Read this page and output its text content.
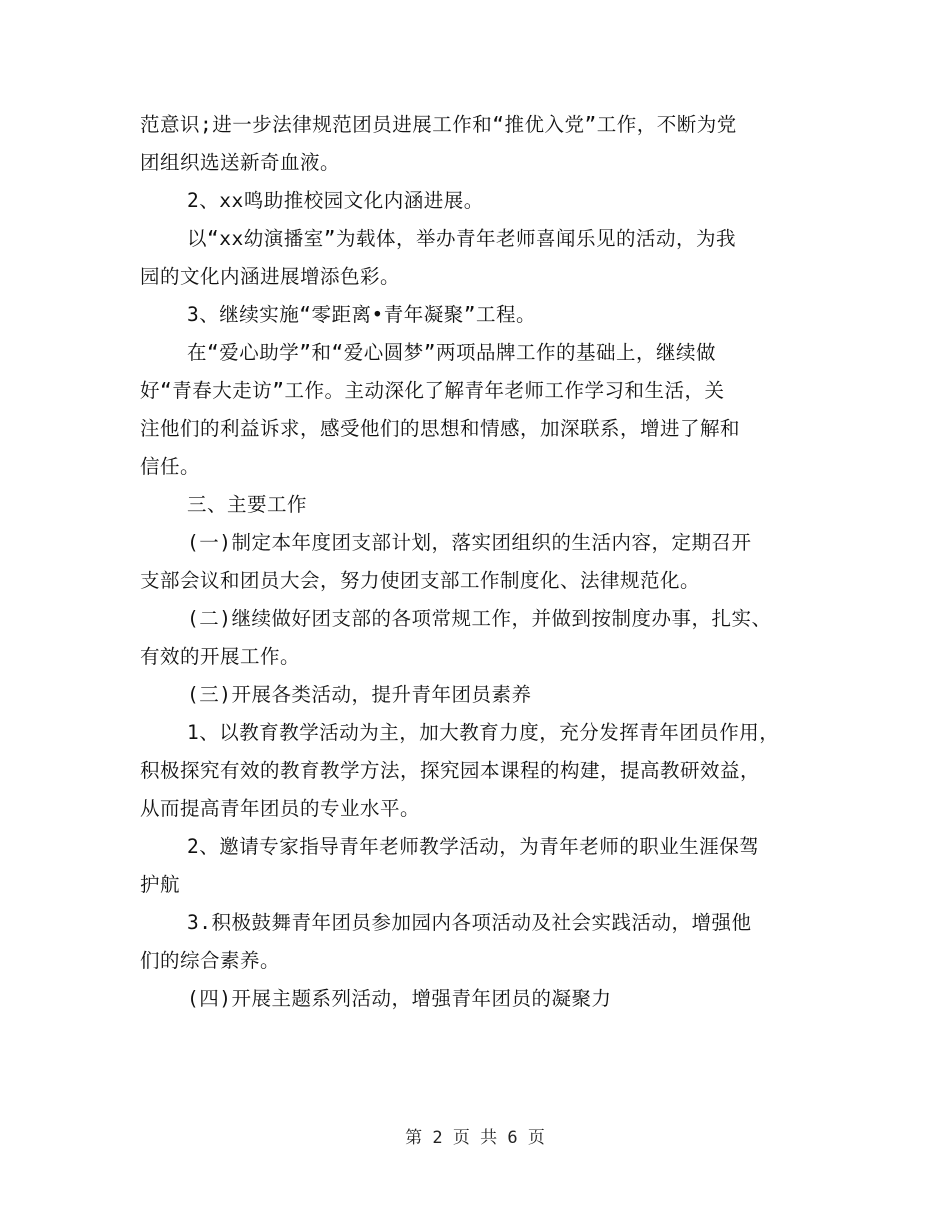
范意识;进一步法律规范团员进展工作和“推优入党”工作，不断为党
团组织选送新奇血液。
2、xx鸣助推校园文化内涵进展。
以“xx幼演播室”为载体，举办青年老师喜闻乐见的活动，为我
园的文化内涵进展增添色彩。
3、继续实施“零距离•青年凝聚”工程。
在“爱心助学”和“爱心圆梦”两项品牌工作的基础上，继续做
好“青春大走访”工作。主动深化了解青年老师工作学习和生活，关
注他们的利益诉求，感受他们的思想和情感，加深联系，增进了解和
信任。
三、主要工作
(一)制定本年度团支部计划，落实团组织的生活内容，定期召开
支部会议和团员大会，努力使团支部工作制度化、法律规范化。
(二)继续做好团支部的各项常规工作，并做到按制度办事，扎实、
有效的开展工作。
(三)开展各类活动，提升青年团员素养
1、以教育教学活动为主，加大教育力度，充分发挥青年团员作用，
积极探究有效的教育教学方法，探究园本课程的构建，提高教研效益，
从而提高青年团员的专业水平。
2、邀请专家指导青年老师教学活动，为青年老师的职业生涯保驾
护航
3.积极鼓舞青年团员参加园内各项活动及社会实践活动，增强他
们的综合素养。
(四)开展主题系列活动，增强青年团员的凝聚力
第 2 页 共 6 页
